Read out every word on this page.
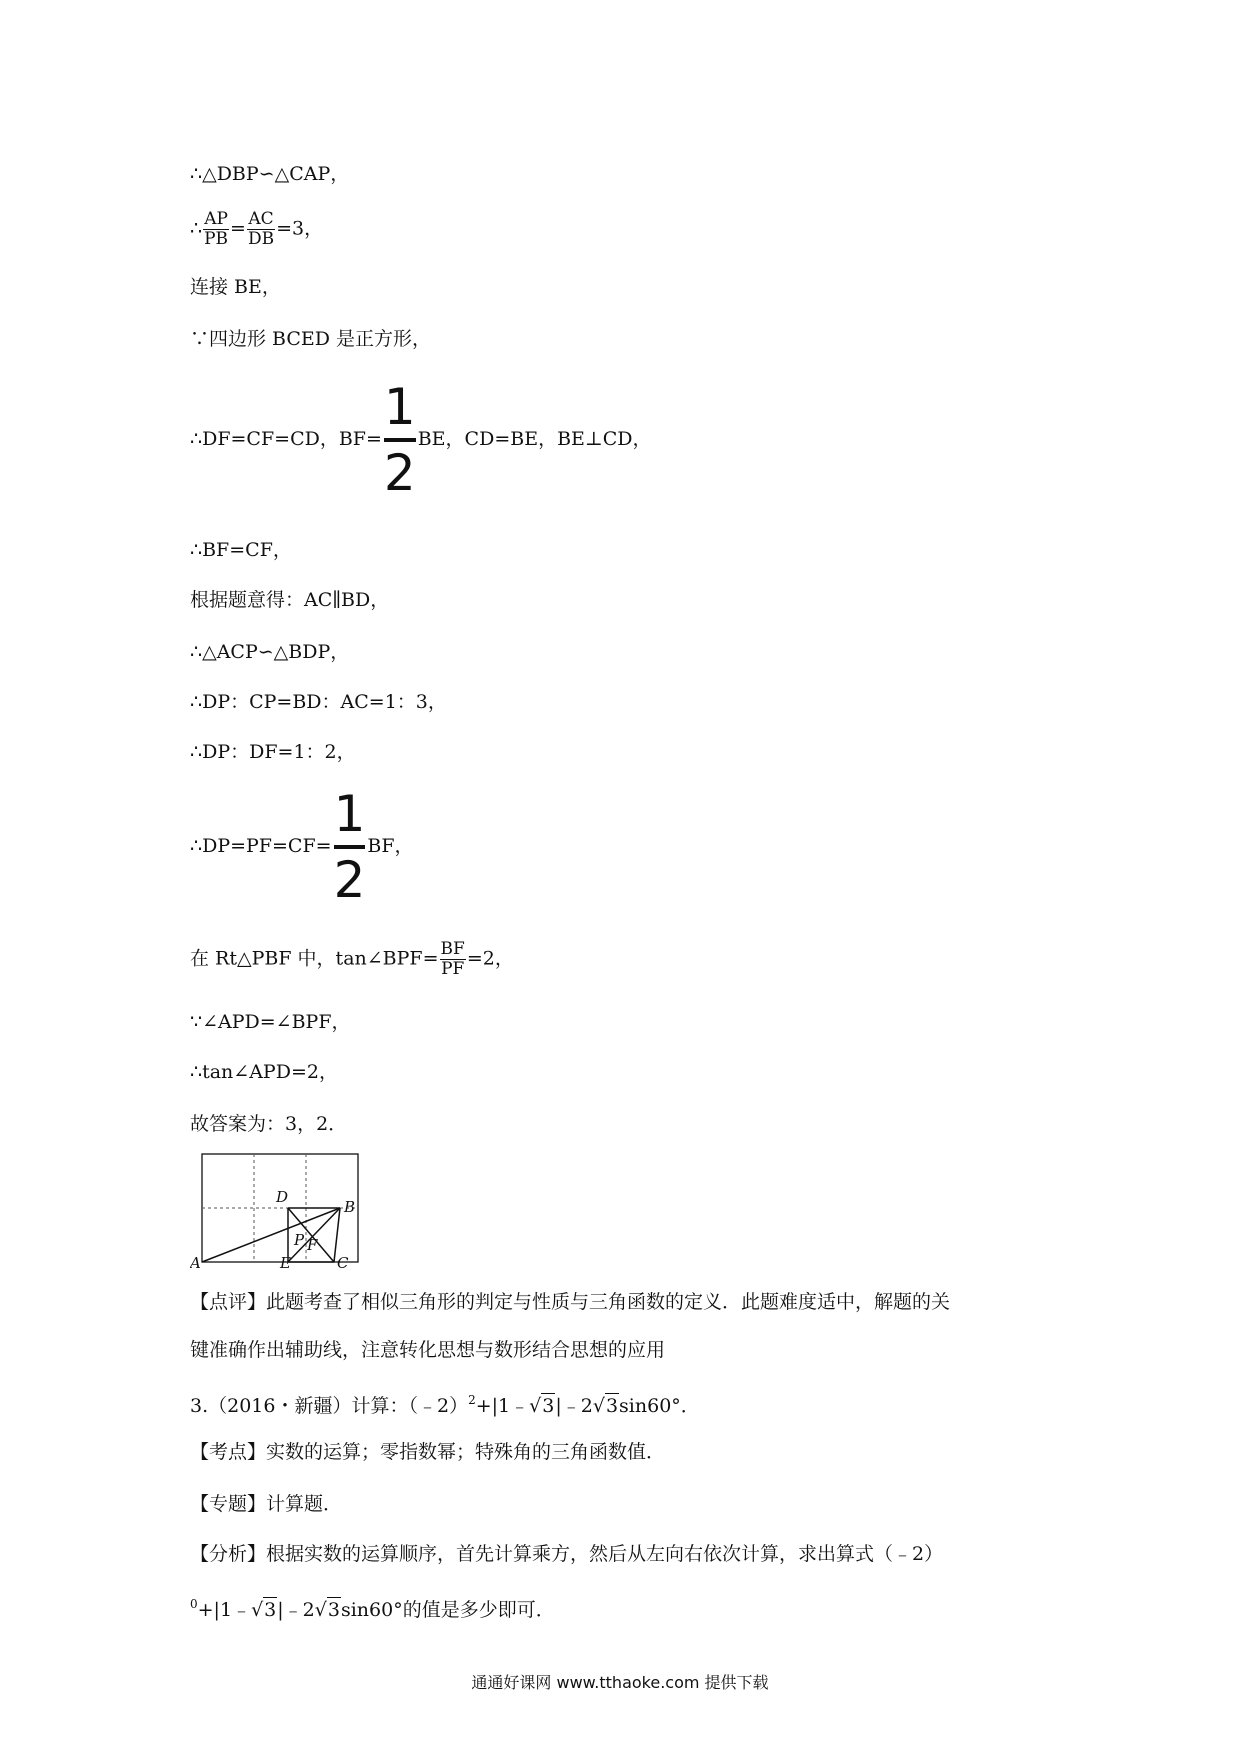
∴△DBP∽△CAP，
∴ $\frac{AP}{PB} = \frac{AC}{DB} =3$，
连接 BE，
∵四边形 BCED 是正方形，
∴DF=CF=CD，$BF= \frac{1}{2}$ BE，CD=BE，BE⊥CD，
∴BF=CF，
根据题意得：AC∥BD，
∴△ACP∽△BDP，
∴DP：CP=BD：AC=1：3，
∴DP：DF=1：2，
∴DP=PF=CF= $\frac{1}{2}$ BF，
在 Rt△PBF 中，tan∠BPF= $\frac{BF}{PF} =2$，
∵∠APD=∠BPF，
∴tan∠APD=2，
故答案为：3，2．
A
B
C
D
E
F
P
【点评】此题考查了相似三角形的判定与性质与三角函数的定义．此题难度适中，解题的关
键准确作出辅助线，注意转化思想与数形结合思想的应用
3.（2016・新疆）计算：（﹣2）$^2$+|1﹣√3|﹣2√3sin60°．
【考点】实数的运算；零指数幂；特殊角的三角函数值．
【专题】计算题．
【分析】根据实数的运算顺序，首先计算乘方，然后从左向右依次计算，求出算式（﹣2）
$^0$+|1﹣√3|﹣2√3sin60°的值是多少即可．
通通好课网 www.tthaoke.com 提供下载
